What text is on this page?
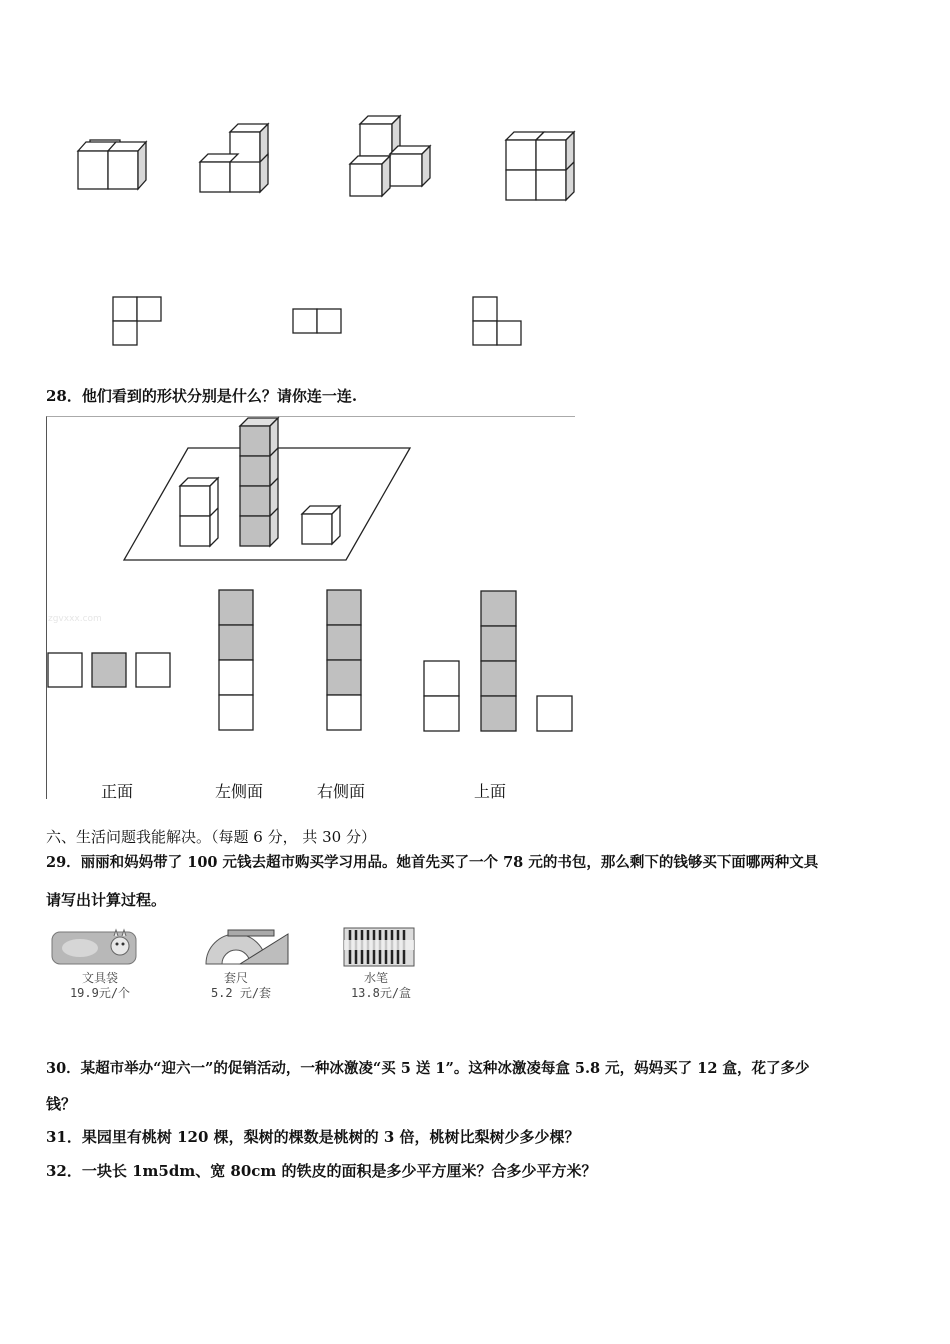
28．他们看到的形状分别是什么？请你连一连.
zgvxxx.com
正面	左侧面	右侧面	上面
六、生活问题我能解决。（每题 6 分， 共 30 分）
29．丽丽和妈妈带了 100 元钱去超市购买学习用品。她首先买了一个 78 元的书包，那么剩下的钱够买下面哪两种文具
请写出计算过程。
文具袋
19.9元/个
套尺
5.2 元/套
水笔
13.8元/盒
30．某超市举办“迎六一”的促销活动，一种冰激凌“买 5 送 1”。这种冰激凌每盒 5.8 元，妈妈买了 12 盒，花了多少
钱？
31．果园里有桃树 120 棵，梨树的棵数是桃树的 3 倍，桃树比梨树少多少棵？
32．一块长 1m5dm、宽 80cm 的铁皮的面积是多少平方厘米？合多少平方米？
